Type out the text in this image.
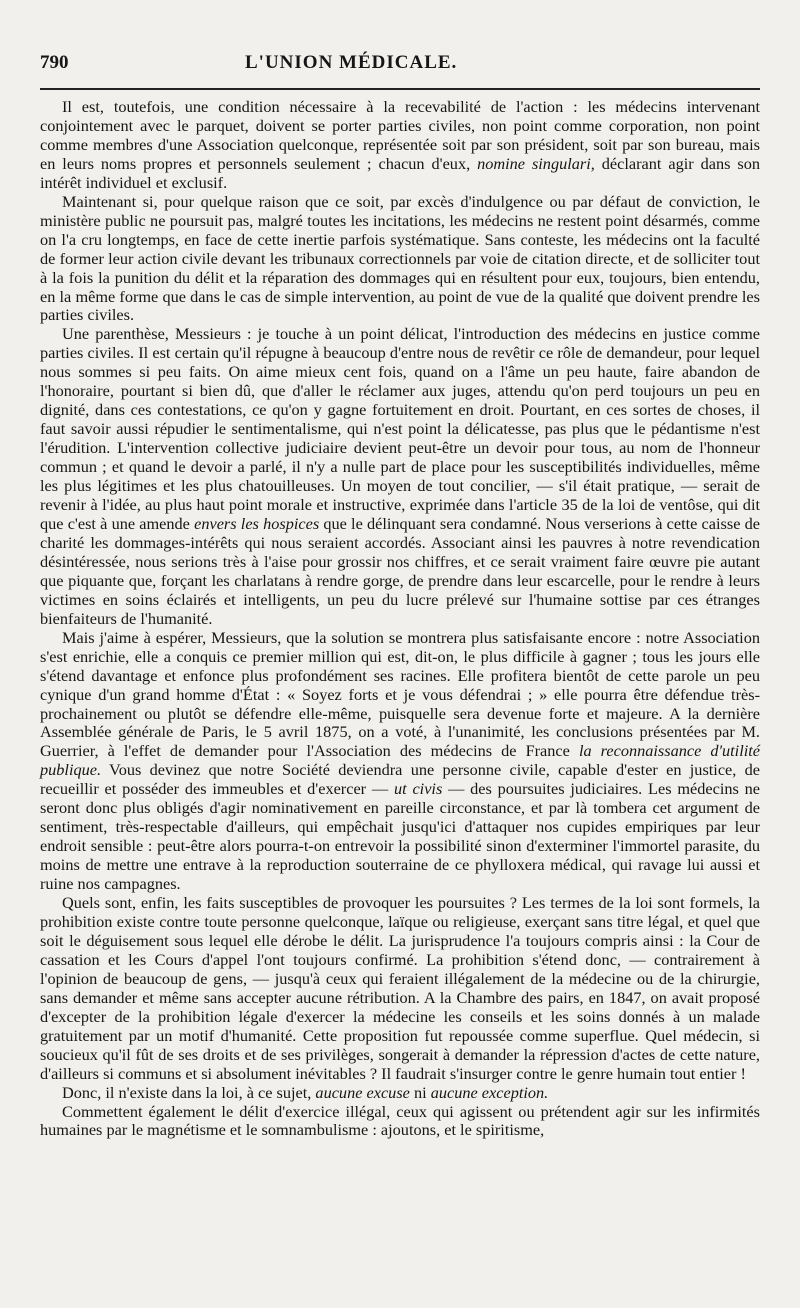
790	L'UNION MÉDICALE.

Il est, toutefois, une condition nécessaire à la recevabilité de l'action : les médecins intervenant conjointement avec le parquet, doivent se porter parties civiles, non point comme corporation, non point comme membres d'une Association quelconque, représentée soit par son président, soit par son bureau, mais en leurs noms propres et personnels seulement ; chacun d'eux, nomine singulari, déclarant agir dans son intérêt individuel et exclusif.

Maintenant si, pour quelque raison que ce soit, par excès d'indulgence ou par défaut de conviction, le ministère public ne poursuit pas, malgré toutes les incitations, les médecins ne restent point désarmés, comme on l'a cru longtemps, en face de cette inertie parfois systématique. Sans conteste, les médecins ont la faculté de former leur action civile devant les tribunaux correctionnels par voie de citation directe, et de solliciter tout à la fois la punition du délit et la réparation des dommages qui en résultent pour eux, toujours, bien entendu, en la même forme que dans le cas de simple intervention, au point de vue de la qualité que doivent prendre les parties civiles.

Une parenthèse, Messieurs : je touche à un point délicat, l'introduction des médecins en justice comme parties civiles. Il est certain qu'il répugne à beaucoup d'entre nous de revêtir ce rôle de demandeur, pour lequel nous sommes si peu faits. On aime mieux cent fois, quand on a l'âme un peu haute, faire abandon de l'honoraire, pourtant si bien dû, que d'aller le réclamer aux juges, attendu qu'on perd toujours un peu en dignité, dans ces contestations, ce qu'on y gagne fortuitement en droit. Pourtant, en ces sortes de choses, il faut savoir aussi répudier le sentimentalisme, qui n'est point la délicatesse, pas plus que le pédantisme n'est l'érudition. L'intervention collective judiciaire devient peut-être un devoir pour tous, au nom de l'honneur commun ; et quand le devoir a parlé, il n'y a nulle part de place pour les susceptibilités individuelles, même les plus légitimes et les plus chatouilleuses. Un moyen de tout concilier, — s'il était pratique, — serait de revenir à l'idée, au plus haut point morale et instructive, exprimée dans l'article 35 de la loi de ventôse, qui dit que c'est à une amende envers les hospices que le délinquant sera condamné. Nous verserions à cette caisse de charité les dommages-intérêts qui nous seraient accordés. Associant ainsi les pauvres à notre revendication désintéressée, nous serions très à l'aise pour grossir nos chiffres, et ce serait vraiment faire œuvre pie autant que piquante que, forçant les charlatans à rendre gorge, de prendre dans leur escarcelle, pour le rendre à leurs victimes en soins éclairés et intelligents, un peu du lucre prélevé sur l'humaine sottise par ces étranges bienfaiteurs de l'humanité.

Mais j'aime à espérer, Messieurs, que la solution se montrera plus satisfaisante encore : notre Association s'est enrichie, elle a conquis ce premier million qui est, dit-on, le plus difficile à gagner ; tous les jours elle s'étend davantage et enfonce plus profondément ses racines. Elle profitera bientôt de cette parole un peu cynique d'un grand homme d'État : « Soyez forts et je vous défendrai ; » elle pourra être défendue très-prochainement ou plutôt se défendre elle-même, puisquelle sera devenue forte et majeure. A la dernière Assemblée générale de Paris, le 5 avril 1875, on a voté, à l'unanimité, les conclusions présentées par M. Guerrier, à l'effet de demander pour l'Association des médecins de France la reconnaissance d'utilité publique. Vous devinez que notre Société deviendra une personne civile, capable d'ester en justice, de recueillir et posséder des immeubles et d'exercer — ut civis — des poursuites judiciaires. Les médecins ne seront donc plus obligés d'agir nominativement en pareille circonstance, et par là tombera cet argument de sentiment, très-respectable d'ailleurs, qui empêchait jusqu'ici d'attaquer nos cupides empiriques par leur endroit sensible : peut-être alors pourra-t-on entrevoir la possibilité sinon d'exterminer l'immortel parasite, du moins de mettre une entrave à la reproduction souterraine de ce phylloxera médical, qui ravage lui aussi et ruine nos campagnes.

Quels sont, enfin, les faits susceptibles de provoquer les poursuites ? Les termes de la loi sont formels, la prohibition existe contre toute personne quelconque, laïque ou religieuse, exerçant sans titre légal, et quel que soit le déguisement sous lequel elle dérobe le délit. La jurisprudence l'a toujours compris ainsi : la Cour de cassation et les Cours d'appel l'ont toujours confirmé. La prohibition s'étend donc, — contrairement à l'opinion de beaucoup de gens, — jusqu'à ceux qui feraient illégalement de la médecine ou de la chirurgie, sans demander et même sans accepter aucune rétribution. A la Chambre des pairs, en 1847, on avait proposé d'excepter de la prohibition légale d'exercer la médecine les conseils et les soins donnés à un malade gratuitement par un motif d'humanité. Cette proposition fut repoussée comme superflue. Quel médecin, si soucieux qu'il fût de ses droits et de ses privilèges, songerait à demander la répression d'actes de cette nature, d'ailleurs si communs et si absolument inévitables ? Il faudrait s'insurger contre le genre humain tout entier !

Donc, il n'existe dans la loi, à ce sujet, aucune excuse ni aucune exception.

Commettent également le délit d'exercice illégal, ceux qui agissent ou prétendent agir sur les infirmités humaines par le magnétisme et le somnambulisme : ajoutons, et le spiritisme,
